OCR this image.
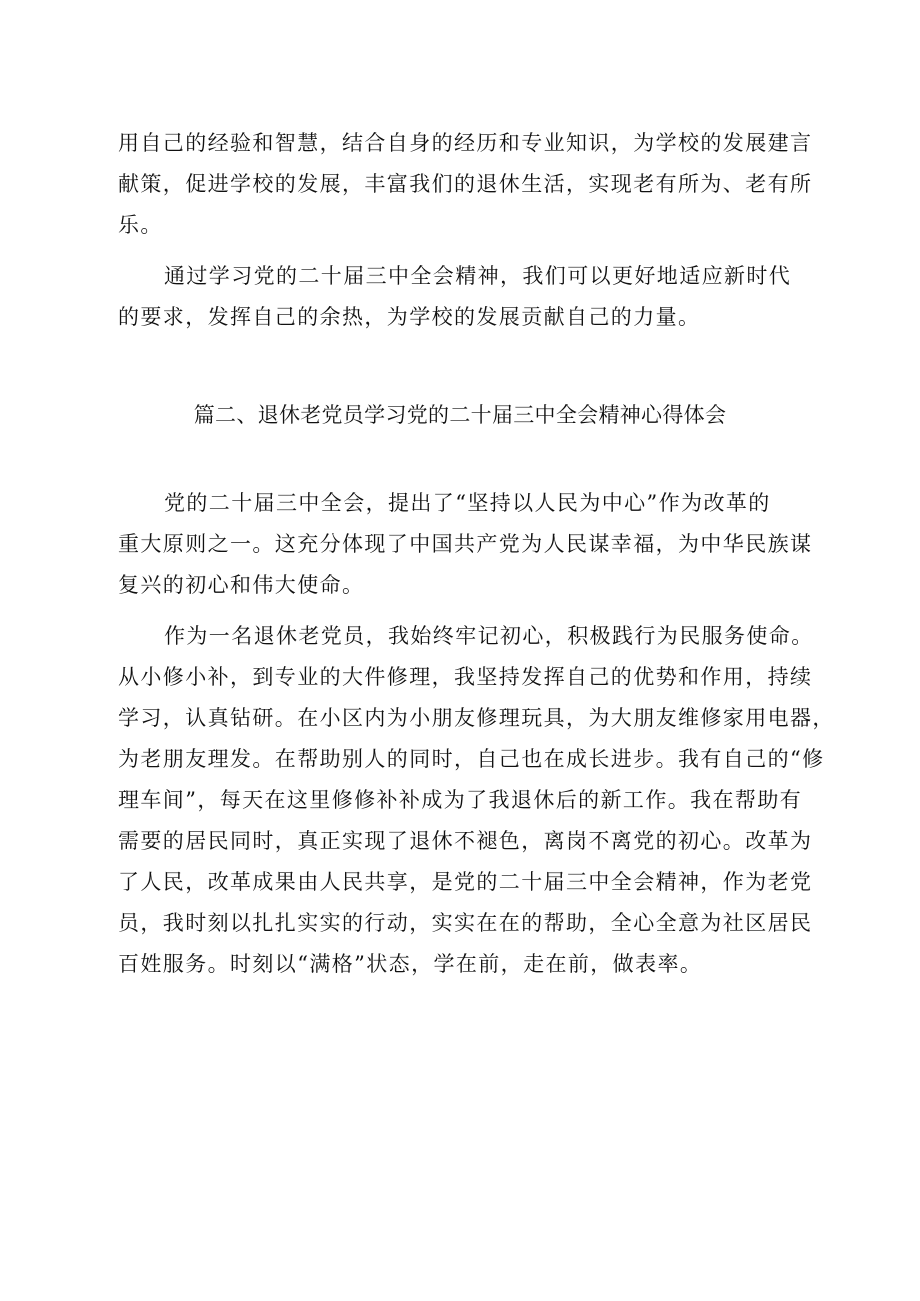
用自己的经验和智慧，结合自身的经历和专业知识，为学校的发展建言
献策，促进学校的发展，丰富我们的退休生活，实现老有所为、老有所
乐。
通过学习党的二十届三中全会精神，我们可以更好地适应新时代
的要求，发挥自己的余热，为学校的发展贡献自己的力量。
篇二、退休老党员学习党的二十届三中全会精神心得体会
党的二十届三中全会，提出了“坚持以人民为中心”作为改革的
重大原则之一。这充分体现了中国共产党为人民谋幸福，为中华民族谋
复兴的初心和伟大使命。
作为一名退休老党员，我始终牢记初心，积极践行为民服务使命。
从小修小补，到专业的大件修理，我坚持发挥自己的优势和作用，持续
学习，认真钻研。在小区内为小朋友修理玩具，为大朋友维修家用电器，
为老朋友理发。在帮助别人的同时，自己也在成长进步。我有自己的“修
理车间”，每天在这里修修补补成为了我退休后的新工作。我在帮助有
需要的居民同时，真正实现了退休不褪色，离岗不离党的初心。改革为
了人民，改革成果由人民共享，是党的二十届三中全会精神，作为老党
员，我时刻以扎扎实实的行动，实实在在的帮助，全心全意为社区居民
百姓服务。时刻以“满格”状态，学在前，走在前，做表率。
